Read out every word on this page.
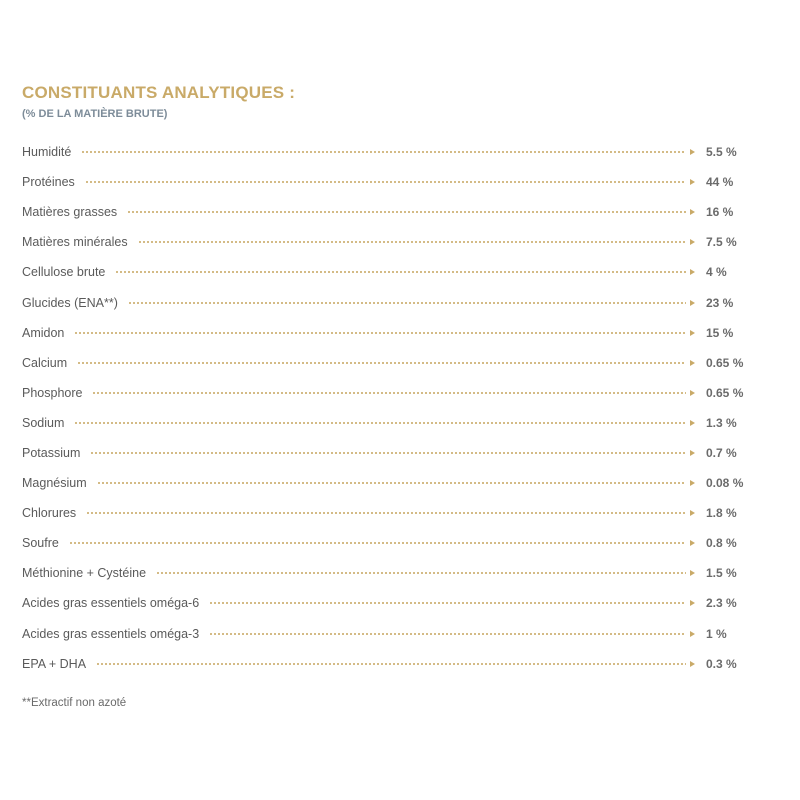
CONSTITUANTS ANALYTIQUES :
(% DE LA MATIÈRE BRUTE)
Humidité	5.5 %
Protéines	44 %
Matières grasses	16 %
Matières minérales	7.5 %
Cellulose brute	4 %
Glucides (ENA**)	23 %
Amidon	15 %
Calcium	0.65 %
Phosphore	0.65 %
Sodium	1.3 %
Potassium	0.7 %
Magnésium	0.08 %
Chlorures	1.8 %
Soufre	0.8 %
Méthionine + Cystéine	1.5 %
Acides gras essentiels oméga-6	2.3 %
Acides gras essentiels oméga-3	1 %
EPA + DHA	0.3 %
**Extractif non azoté
